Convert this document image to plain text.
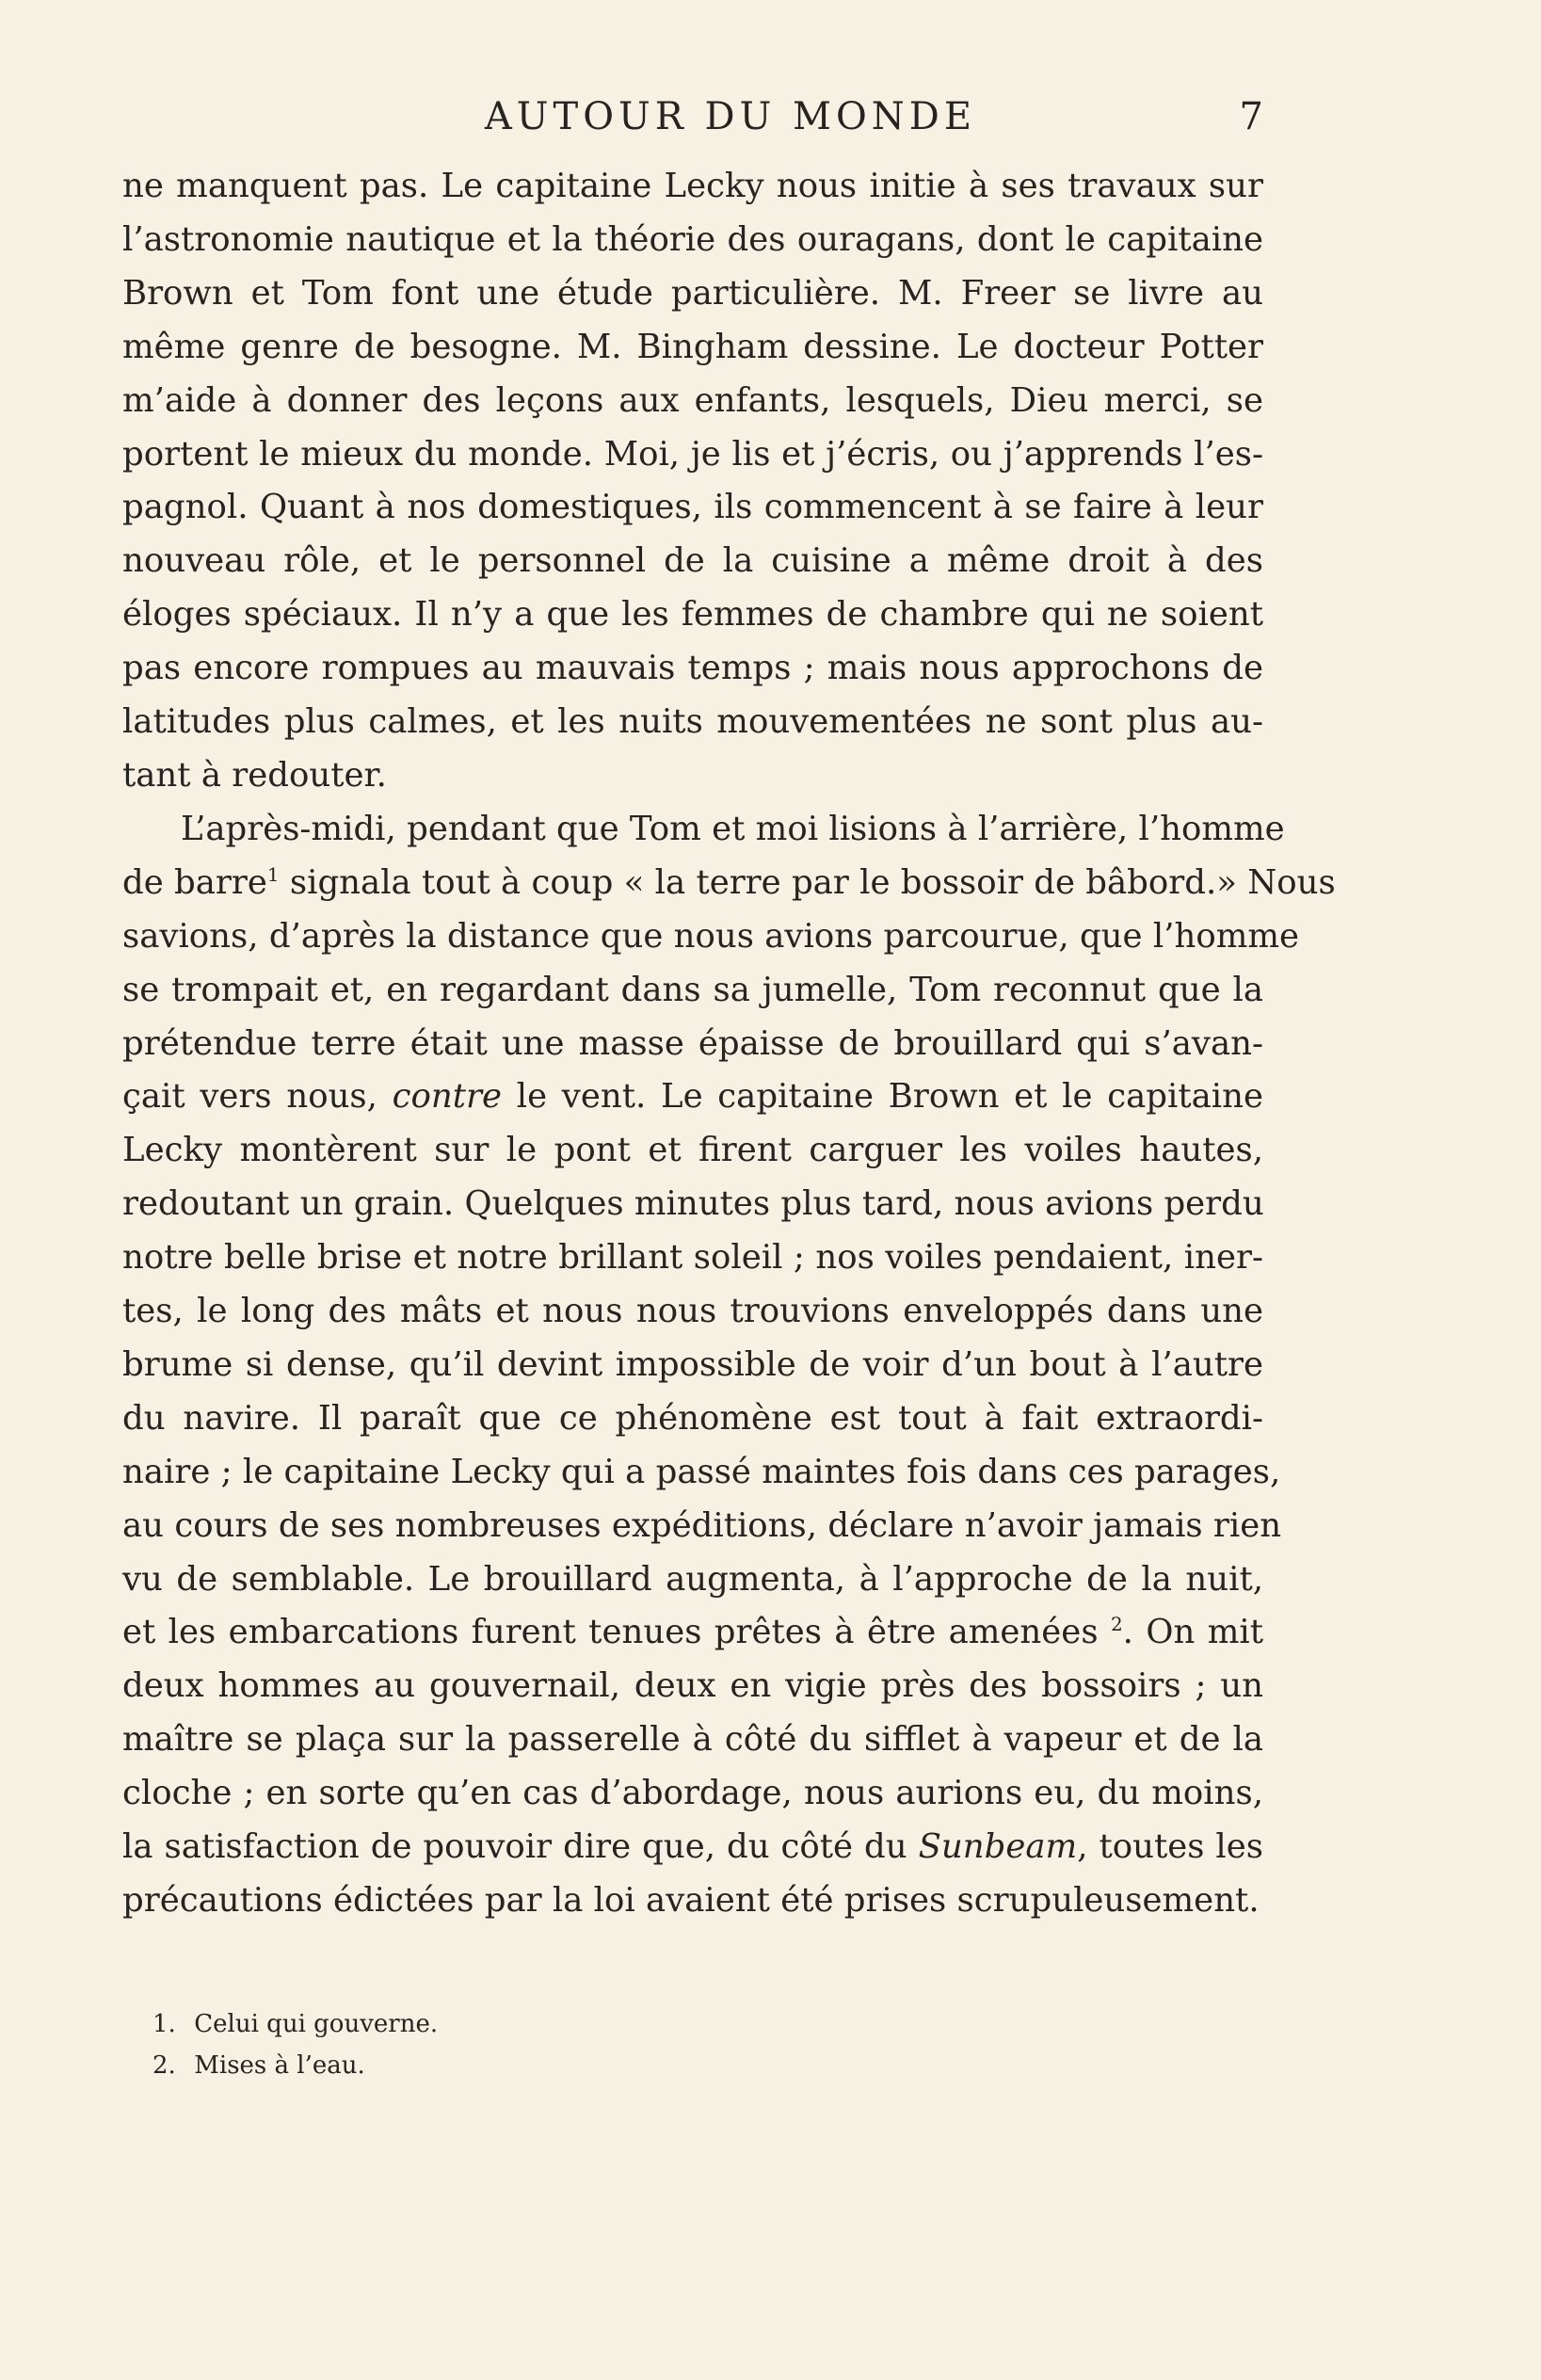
AUTOUR DU MONDE	7

ne manquent pas. Le capitaine Lecky nous initie à ses travaux sur
l’astronomie nautique et la théorie des ouragans, dont le capitaine
Brown et Tom font une étude particulière. M. Freer se livre au
même genre de besogne. M. Bingham dessine. Le docteur Potter
m’aide à donner des leçons aux enfants, lesquels, Dieu merci, se
portent le mieux du monde. Moi, je lis et j’écris, ou j’apprends l’es-
pagnol. Quant à nos domestiques, ils commencent à se faire à leur
nouveau rôle, et le personnel de la cuisine a même droit à des
éloges spéciaux. Il n’y a que les femmes de chambre qui ne soient
pas encore rompues au mauvais temps ; mais nous approchons de
latitudes plus calmes, et les nuits mouvementées ne sont plus au-
tant à redouter.

L’après-midi, pendant que Tom et moi lisions à l’arrière, l’homme
de barre$^1$ signala tout à coup « la terre par le bossoir de bâbord.» Nous
savions, d’après la distance que nous avions parcourue, que l’homme
se trompait et, en regardant dans sa jumelle, Tom reconnut que la
prétendue terre était une masse épaisse de brouillard qui s’avan-
çait vers nous, contre le vent. Le capitaine Brown et le capitaine
Lecky montèrent sur le pont et firent carguer les voiles hautes,
redoutant un grain. Quelques minutes plus tard, nous avions perdu
notre belle brise et notre brillant soleil ; nos voiles pendaient, iner-
tes, le long des mâts et nous nous trouvions enveloppés dans une
brume si dense, qu’il devint impossible de voir d’un bout à l’autre
du navire. Il paraît que ce phénomène est tout à fait extraordi-
naire ; le capitaine Lecky qui a passé maintes fois dans ces parages,
au cours de ses nombreuses expéditions, déclare n’avoir jamais rien
vu de semblable. Le brouillard augmenta, à l’approche de la nuit,
et les embarcations furent tenues prêtes à être amenées $^2$. On mit
deux hommes au gouvernail, deux en vigie près des bossoirs ; un
maître se plaça sur la passerelle à côté du sifflet à vapeur et de la
cloche ; en sorte qu’en cas d’abordage, nous aurions eu, du moins,
la satisfaction de pouvoir dire que, du côté du Sunbeam, toutes les
précautions édictées par la loi avaient été prises scrupuleusement.

1. Celui qui gouverne.
2. Mises à l’eau.
